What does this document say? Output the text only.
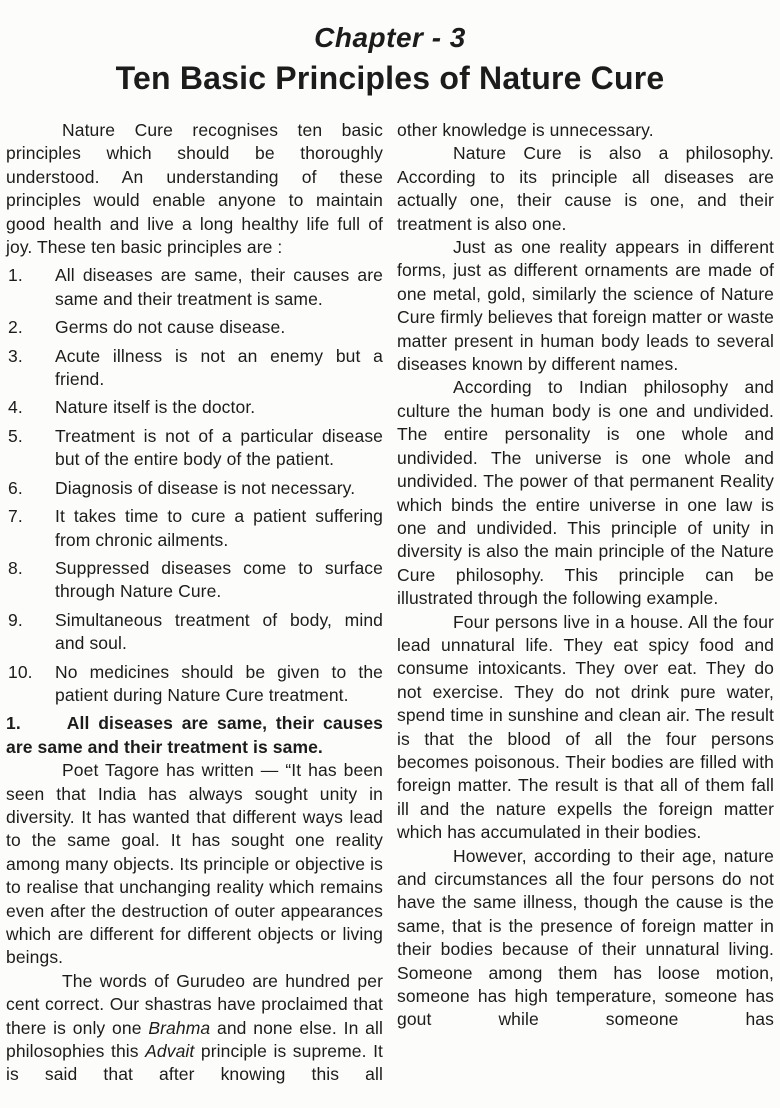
Chapter - 3
Ten Basic Principles of Nature Cure

Nature Cure recognises ten basic principles which should be thoroughly understood. An understanding of these principles would enable anyone to maintain good health and live a long healthy life full of joy. These ten basic principles are :

1. All diseases are same, their causes are same and their treatment is same.
2. Germs do not cause disease.
3. Acute illness is not an enemy but a friend.
4. Nature itself is the doctor.
5. Treatment is not of a particular disease but of the entire body of the patient.
6. Diagnosis of disease is not necessary.
7. It takes time to cure a patient suffering from chronic ailments.
8. Suppressed diseases come to surface through Nature Cure.
9. Simultaneous treatment of body, mind and soul.
10. No medicines should be given to the patient during Nature Cure treatment.

1.	All diseases are same, their causes are same and their treatment is same.

Poet Tagore has written — “It has been seen that India has always sought unity in diversity. It has wanted that different ways lead to the same goal. It has sought one reality among many objects. Its principle or objective is to realise that unchanging reality which remains even after the destruction of outer appearances which are different for different objects or living beings.

The words of Gurudeo are hundred per cent correct. Our shastras have proclaimed that there is only one Brahma and none else. In all philosophies this Advait principle is supreme. It is said that after knowing this all

other knowledge is unnecessary.

Nature Cure is also a philosophy. According to its principle all diseases are actually one, their cause is one, and their treatment is also one.

Just as one reality appears in different forms, just as different ornaments are made of one metal, gold, similarly the science of Nature Cure firmly believes that foreign matter or waste matter present in human body leads to several diseases known by different names.

According to Indian philosophy and culture the human body is one and undivided. The entire personality is one whole and undivided. The universe is one whole and undivided. The power of that permanent Reality which binds the entire universe in one law is one and undivided. This principle of unity in diversity is also the main principle of the Nature Cure philosophy. This principle can be illustrated through the following example.

Four persons live in a house. All the four lead unnatural life. They eat spicy food and consume intoxicants. They over eat. They do not exercise. They do not drink pure water, spend time in sunshine and clean air. The result is that the blood of all the four persons becomes poisonous. Their bodies are filled with foreign matter. The result is that all of them fall ill and the nature expells the foreign matter which has accumulated in their bodies.

However, according to their age, nature and circumstances all the four persons do not have the same illness, though the cause is the same, that is the presence of foreign matter in their bodies because of their unnatural living. Someone among them has loose motion, someone has high temperature, someone has gout while someone has
